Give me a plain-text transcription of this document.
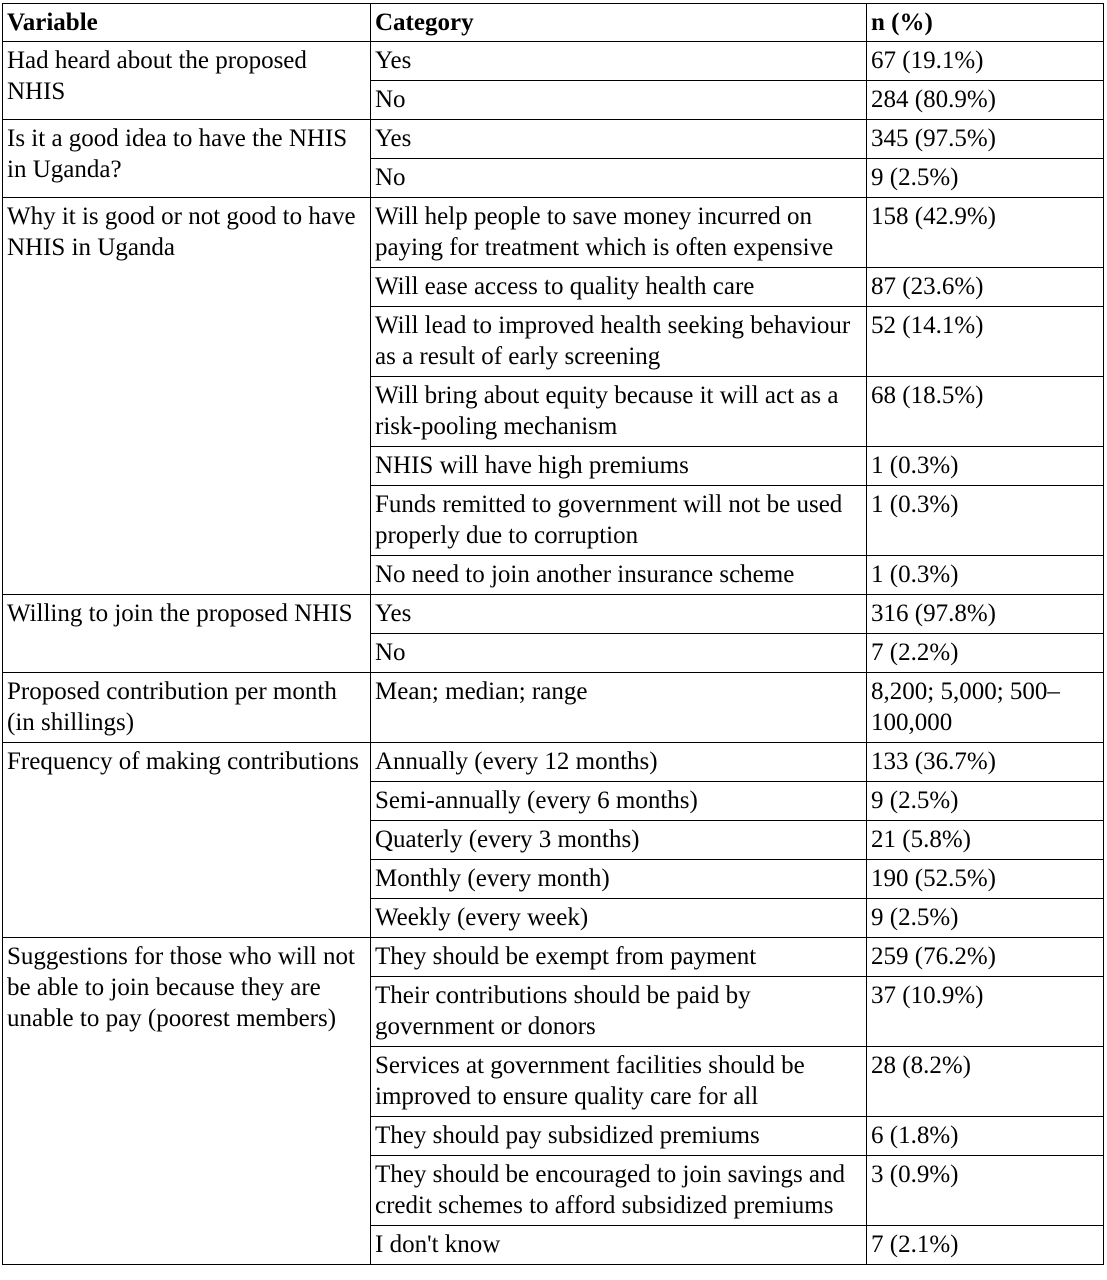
Variable	Category	n (%)
Had heard about the proposed NHIS	Yes	67 (19.1%)
	No	284 (80.9%)
Is it a good idea to have the NHIS in Uganda?	Yes	345 (97.5%)
	No	9 (2.5%)
Why it is good or not good to have NHIS in Uganda	Will help people to save money incurred on paying for treatment which is often expensive	158 (42.9%)
	Will ease access to quality health care	87 (23.6%)
	Will lead to improved health seeking behaviour as a result of early screening	52 (14.1%)
	Will bring about equity because it will act as a risk-pooling mechanism	68 (18.5%)
	NHIS will have high premiums	1 (0.3%)
	Funds remitted to government will not be used properly due to corruption	1 (0.3%)
	No need to join another insurance scheme	1 (0.3%)
Willing to join the proposed NHIS	Yes	316 (97.8%)
	No	7 (2.2%)
Proposed contribution per month (in shillings)	Mean; median; range	8,200; 5,000; 500–100,000
Frequency of making contributions	Annually (every 12 months)	133 (36.7%)
	Semi-annually (every 6 months)	9 (2.5%)
	Quaterly (every 3 months)	21 (5.8%)
	Monthly (every month)	190 (52.5%)
	Weekly (every week)	9 (2.5%)
Suggestions for those who will not be able to join because they are unable to pay (poorest members)	They should be exempt from payment	259 (76.2%)
	Their contributions should be paid by government or donors	37 (10.9%)
	Services at government facilities should be improved to ensure quality care for all	28 (8.2%)
	They should pay subsidized premiums	6 (1.8%)
	They should be encouraged to join savings and credit schemes to afford subsidized premiums	3 (0.9%)
	I don't know	7 (2.1%)
